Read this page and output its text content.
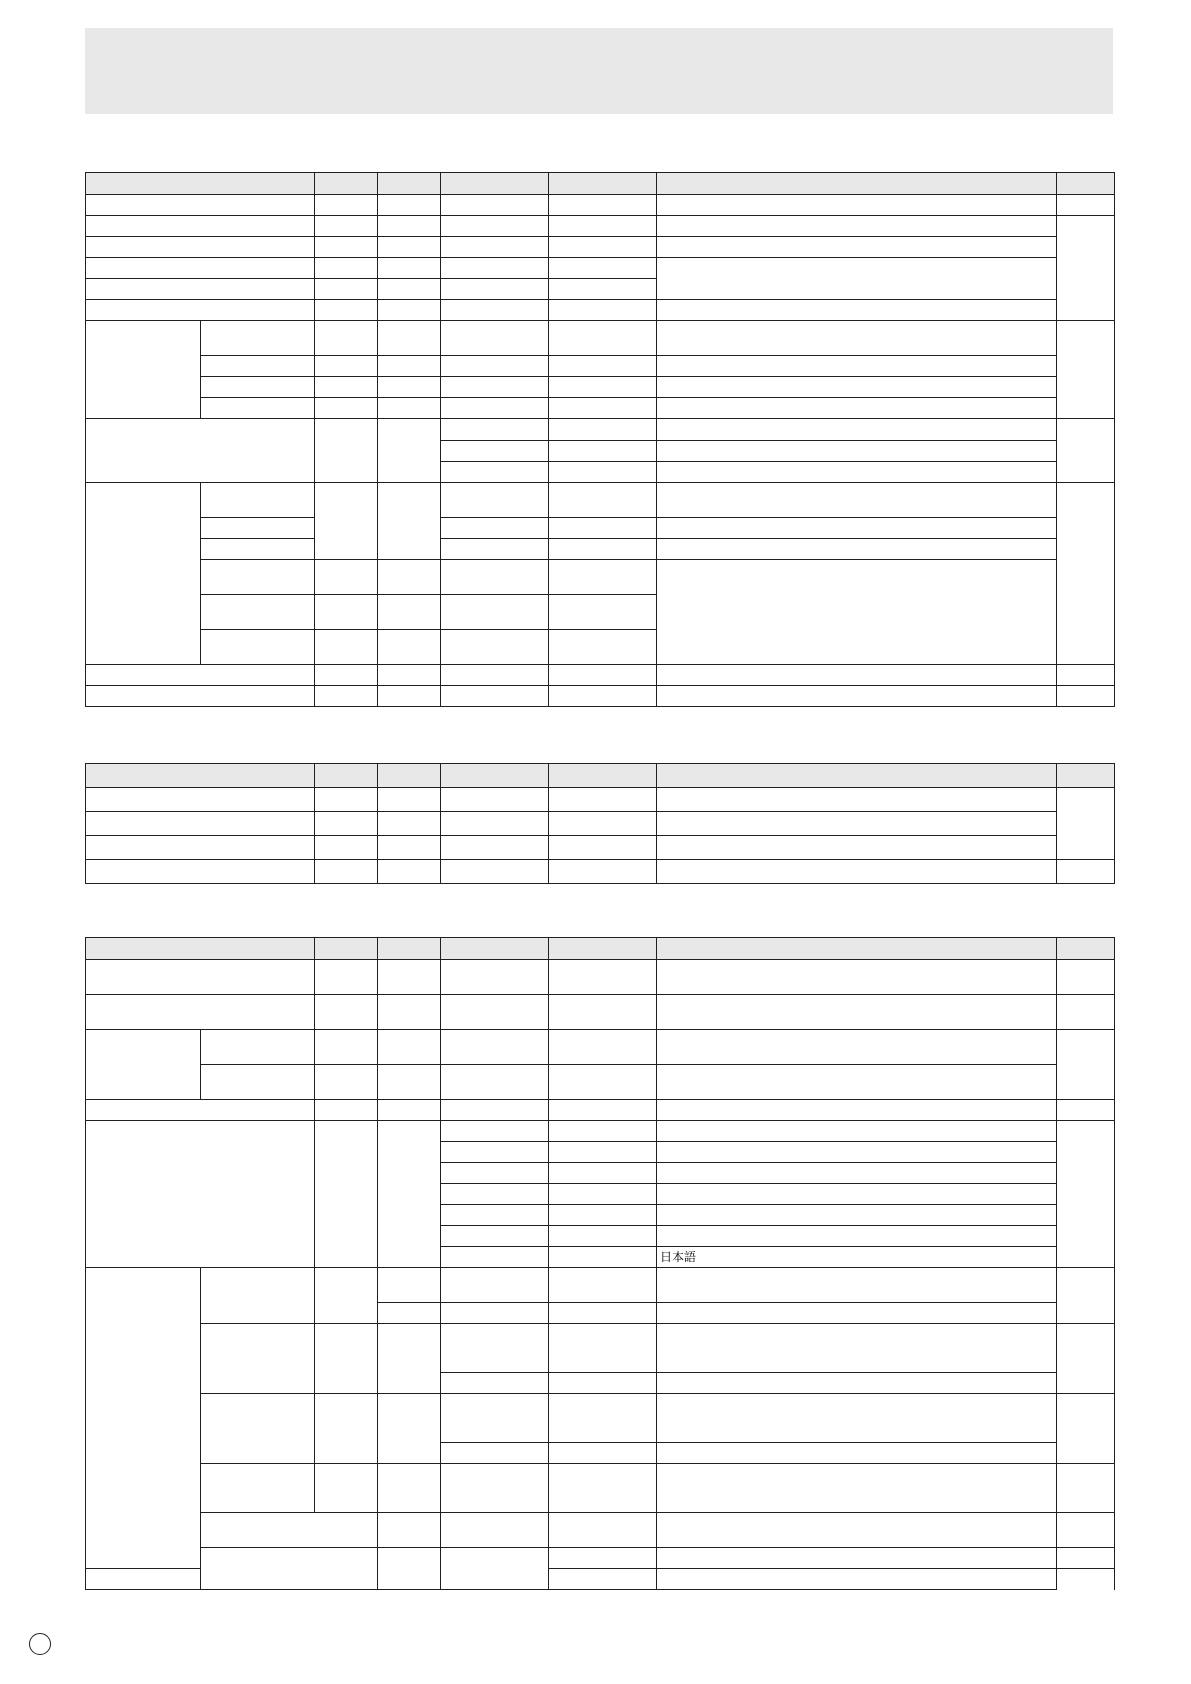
						日本語		
